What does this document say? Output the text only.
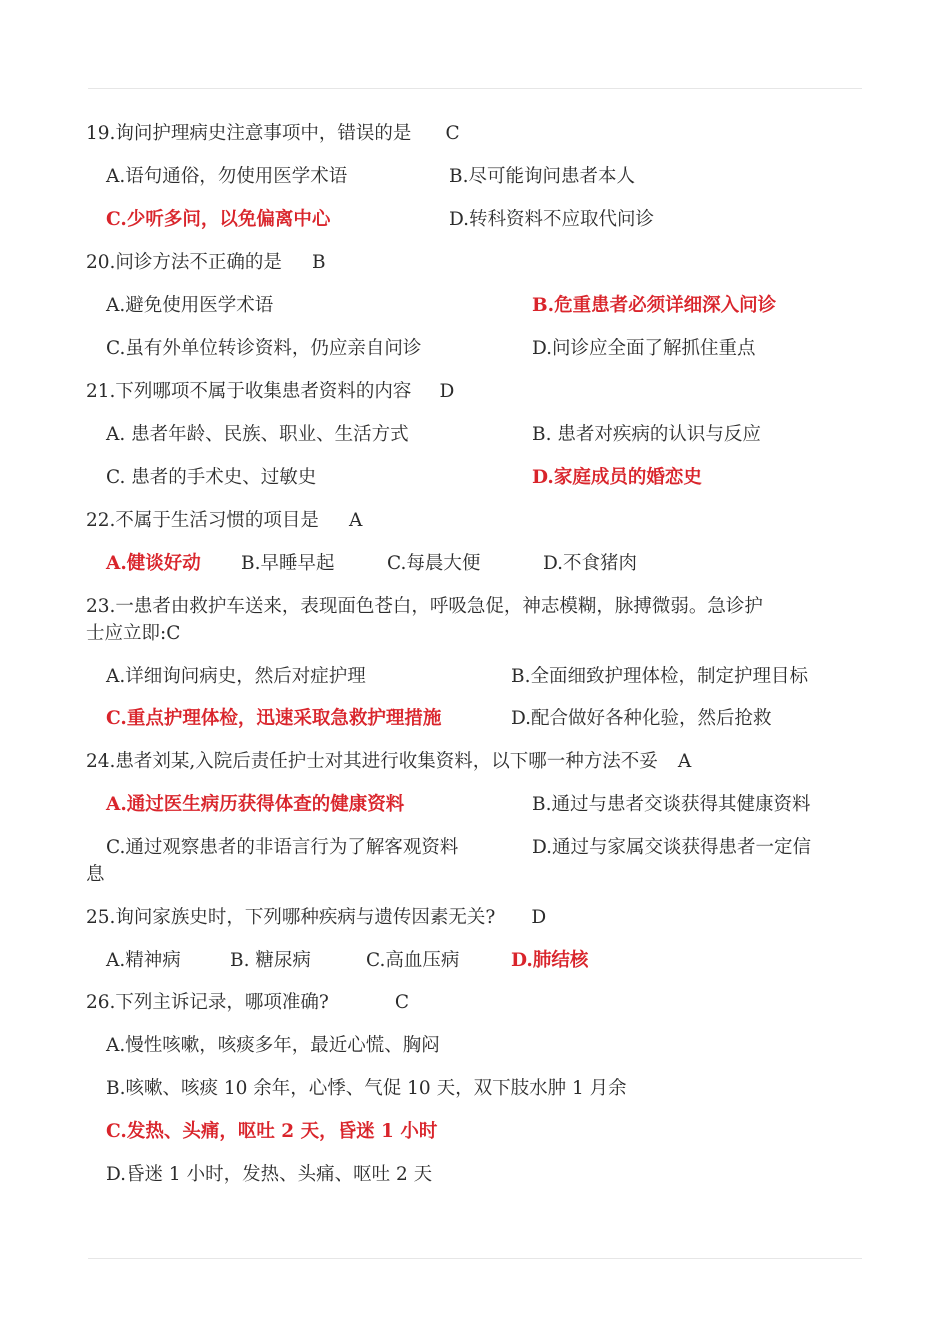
19.询问护理病史注意事项中，错误的是 C
A.语句通俗，勿使用医学术语	B.尽可能询问患者本人
C.少听多问，以免偏离中心	D.转科资料不应取代问诊
20.问诊方法不正确的是 B
A.避免使用医学术语	B.危重患者必须详细深入问诊
C.虽有外单位转诊资料，仍应亲自问诊	D.问诊应全面了解抓住重点
21.下列哪项不属于收集患者资料的内容 D
A. 患者年龄、民族、职业、生活方式	B. 患者对疾病的认识与反应
C. 患者的手术史、过敏史	D.家庭成员的婚恋史
22.不属于生活习惯的项目是 A
A.健谈好动 B.早睡早起	C.每晨大便	D.不食猪肉
23.一患者由救护车送来，表现面色苍白，呼吸急促，神志模糊，脉搏微弱。急诊护
士应立即:C
A.详细询问病史，然后对症护理	B.全面细致护理体检，制定护理目标
C.重点护理体检，迅速采取急救护理措施	D.配合做好各种化验，然后抢救
24.患者刘某,入院后责任护士对其进行收集资料，以下哪一种方法不妥 A
A.通过医生病历获得体查的健康资料	B.通过与患者交谈获得其健康资料
C.通过观察患者的非语言行为了解客观资料	D.通过与家属交谈获得患者一定信
息
25.询问家族史时，下列哪种疾病与遗传因素无关? D
A.精神病	B. 糖尿病	C.高血压病	D.肺结核
26.下列主诉记录，哪项准确?	C
A.慢性咳嗽，咳痰多年，最近心慌、胸闷
B.咳嗽、咳痰 10 余年，心悸、气促 10 天，双下肢水肿 1 月余
C.发热、头痛，呕吐 2 天，昏迷 1 小时
D.昏迷 1 小时，发热、头痛、呕吐 2 天
